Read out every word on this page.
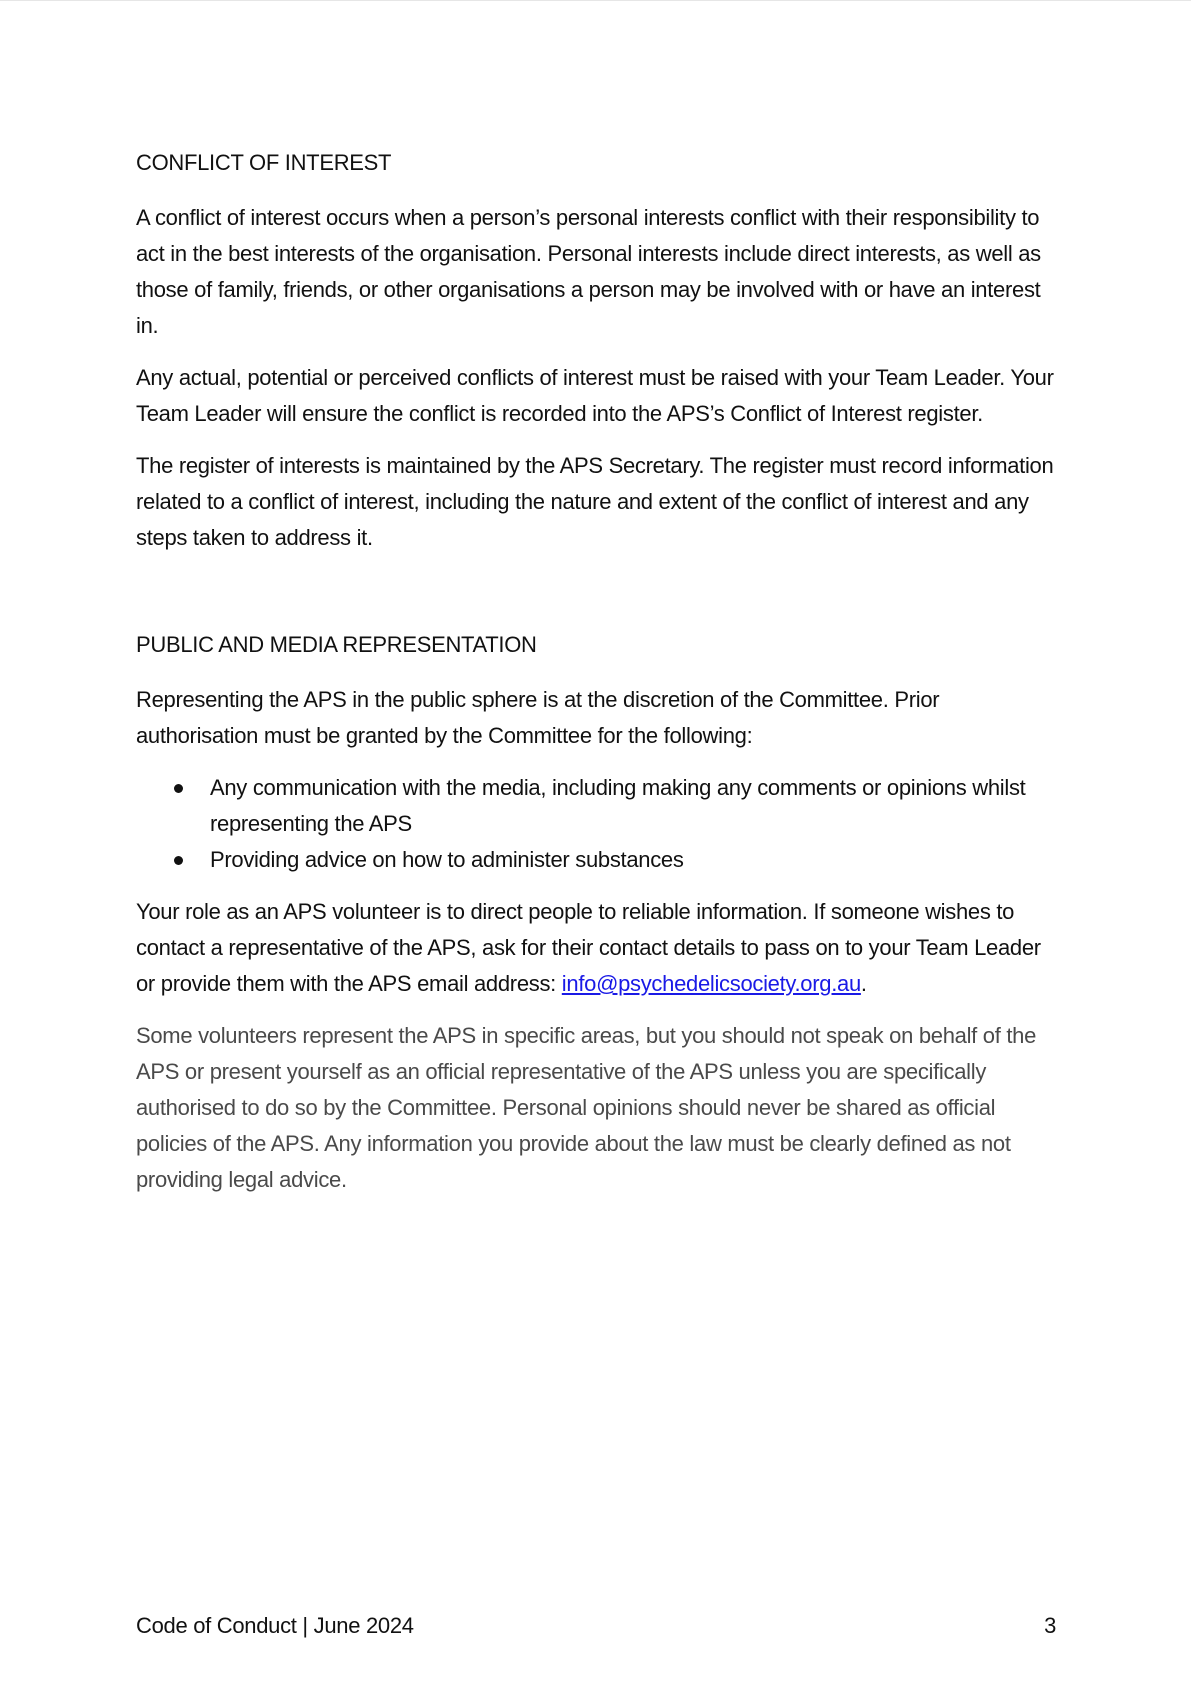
CONFLICT OF INTEREST

A conflict of interest occurs when a person’s personal interests conflict with their responsibility to act in the best interests of the organisation. Personal interests include direct interests, as well as those of family, friends, or other organisations a person may be involved with or have an interest in.

Any actual, potential or perceived conflicts of interest must be raised with your Team Leader. Your Team Leader will ensure the conflict is recorded into the APS’s Conflict of Interest register.

The register of interests is maintained by the APS Secretary. The register must record information related to a conflict of interest, including the nature and extent of the conflict of interest and any steps taken to address it.

PUBLIC AND MEDIA REPRESENTATION

Representing the APS in the public sphere is at the discretion of the Committee. Prior authorisation must be granted by the Committee for the following:

Any communication with the media, including making any comments or opinions whilst representing the APS
Providing advice on how to administer substances

Your role as an APS volunteer is to direct people to reliable information. If someone wishes to contact a representative of the APS, ask for their contact details to pass on to your Team Leader or provide them with the APS email address: info@psychedelicsociety.org.au.

Some volunteers represent the APS in specific areas, but you should not speak on behalf of the APS or present yourself as an official representative of the APS unless you are specifically authorised to do so by the Committee. Personal opinions should never be shared as official policies of the APS. Any information you provide about the law must be clearly defined as not providing legal advice.

Code of Conduct | June 2024	3
